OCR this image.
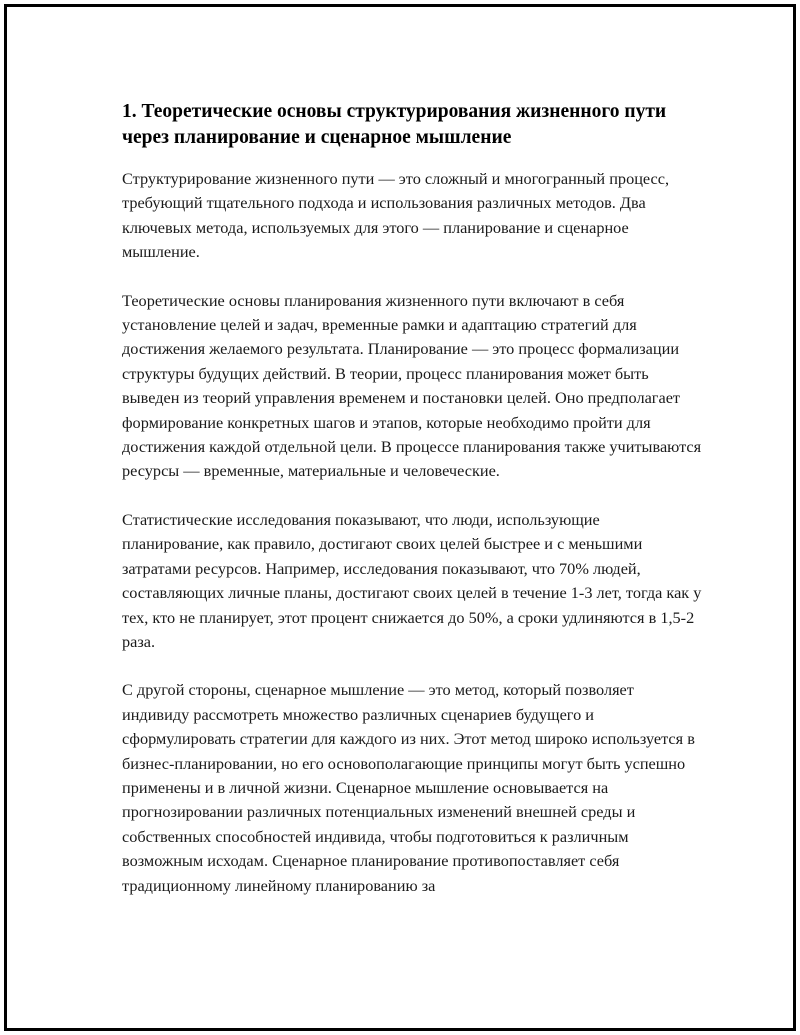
1. Теоретические основы структурирования жизненного пути через планирование и сценарное мышление

Структурирование жизненного пути — это сложный и многогранный процесс, требующий тщательного подхода и использования различных методов. Два ключевых метода, используемых для этого — планирование и сценарное мышление.

Теоретические основы планирования жизненного пути включают в себя установление целей и задач, временные рамки и адаптацию стратегий для достижения желаемого результата. Планирование — это процесс формализации структуры будущих действий. В теории, процесс планирования может быть выведен из теорий управления временем и постановки целей. Оно предполагает формирование конкретных шагов и этапов, которые необходимо пройти для достижения каждой отдельной цели. В процессе планирования также учитываются ресурсы — временные, материальные и человеческие.

Статистические исследования показывают, что люди, использующие планирование, как правило, достигают своих целей быстрее и с меньшими затратами ресурсов. Например, исследования показывают, что 70% людей, составляющих личные планы, достигают своих целей в течение 1-3 лет, тогда как у тех, кто не планирует, этот процент снижается до 50%, а сроки удлиняются в 1,5-2 раза.

С другой стороны, сценарное мышление — это метод, который позволяет индивиду рассмотреть множество различных сценариев будущего и сформулировать стратегии для каждого из них. Этот метод широко используется в бизнес-планировании, но его основополагающие принципы могут быть успешно применены и в личной жизни. Сценарное мышление основывается на прогнозировании различных потенциальных изменений внешней среды и собственных способностей индивида, чтобы подготовиться к различным возможным исходам. Сценарное планирование противопоставляет себя традиционному линейному планированию за
